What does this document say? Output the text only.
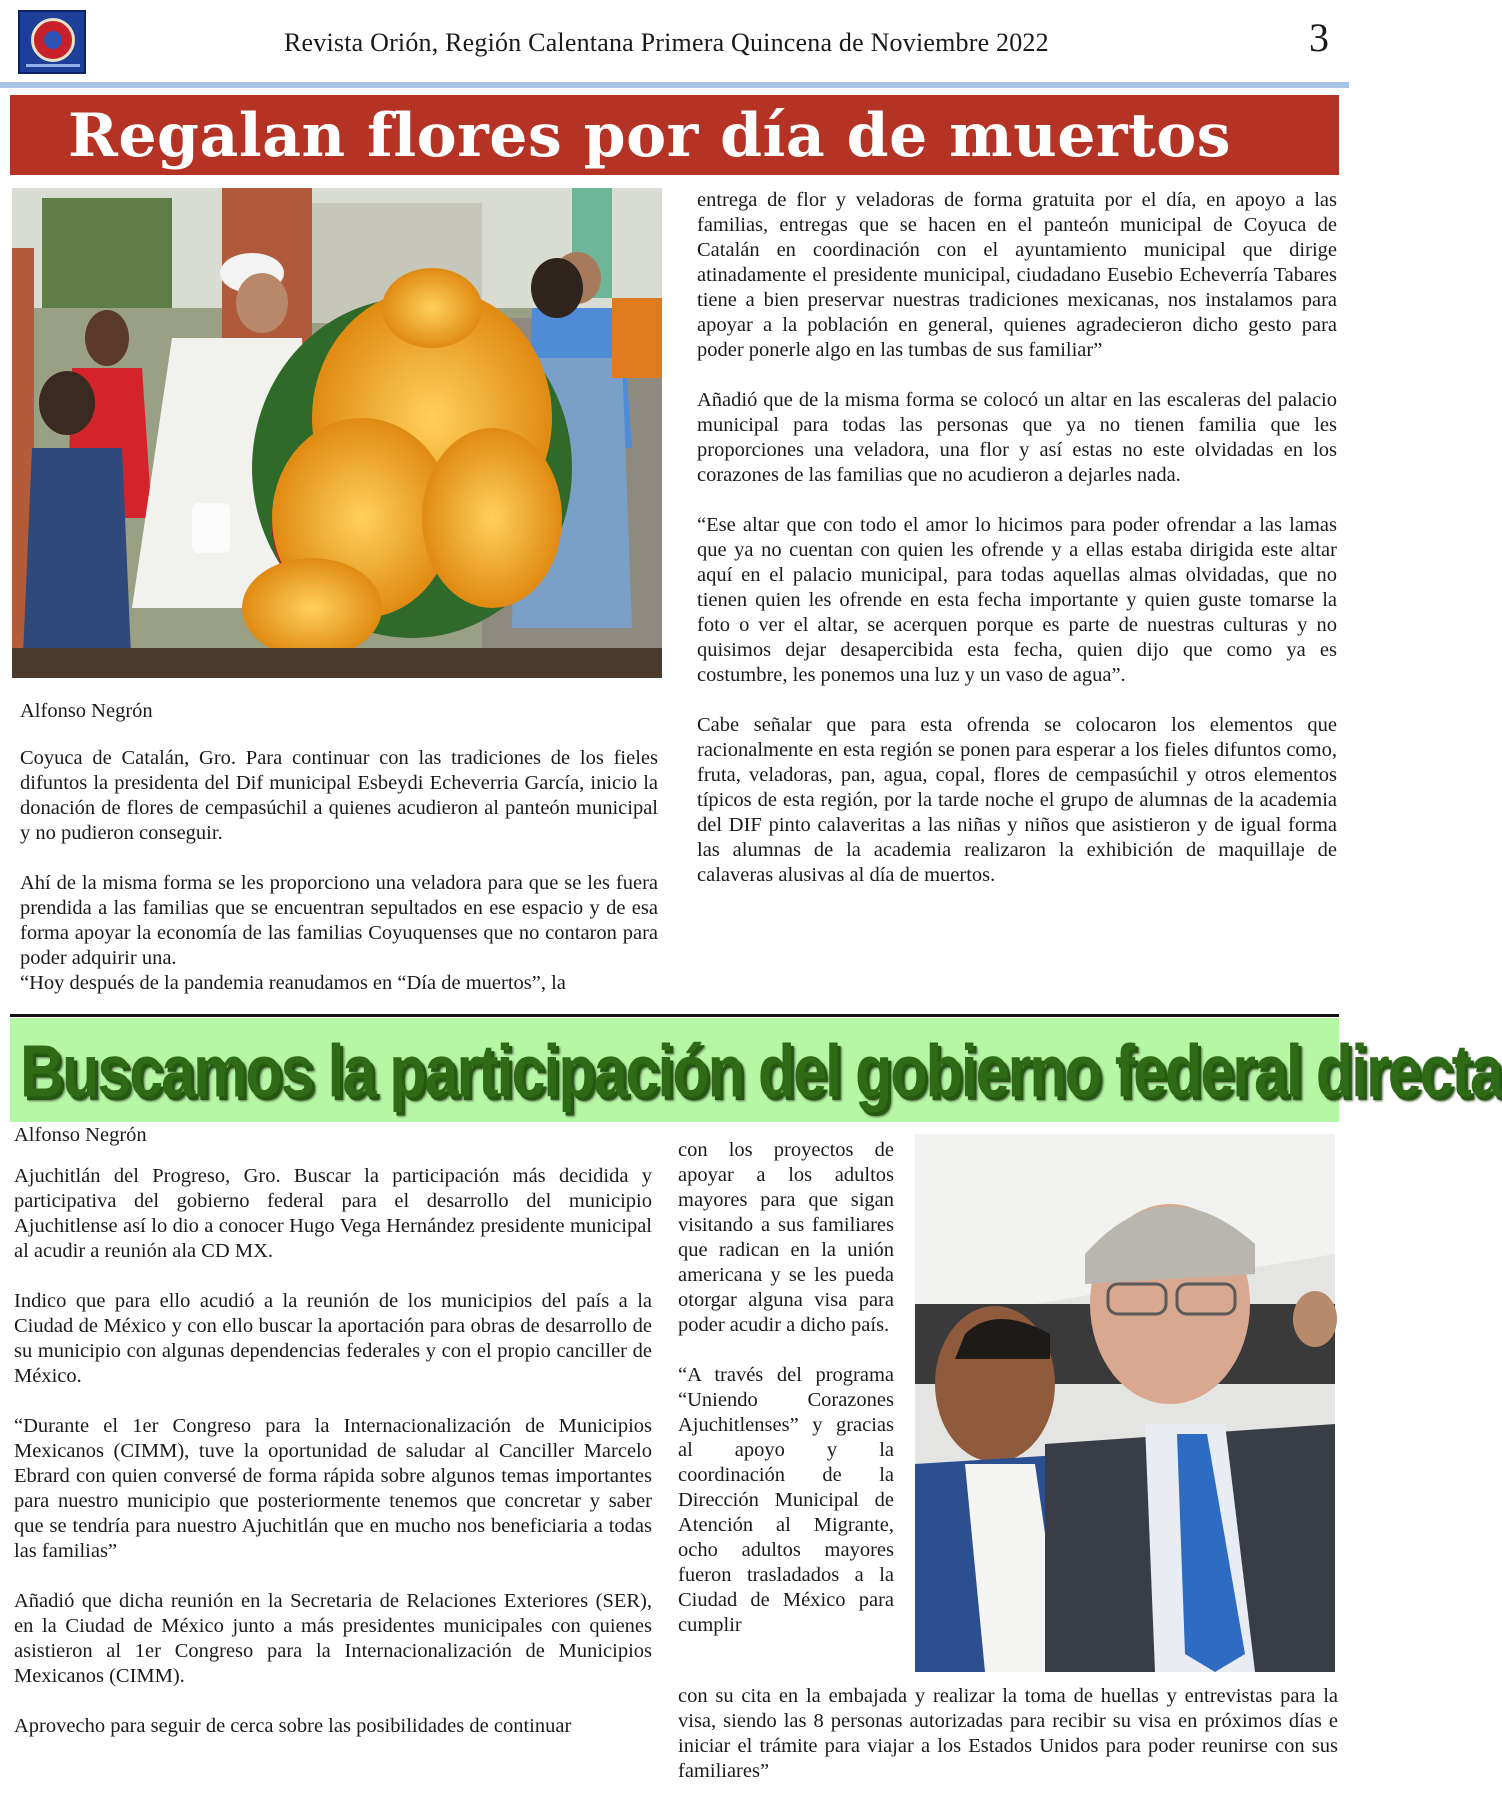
Revista Orión, Región Calentana Primera Quincena de Noviembre 2022	3
Regalan flores por día de muertos
Alfonso Negrón

Coyuca de Catalán, Gro. Para continuar con las tradiciones de los fieles difuntos la presidenta del Dif municipal Esbeydi Echeverria García, inicio la donación de flores de cempasúchil a quienes acudieron al panteón municipal y no pudieron conseguir.

Ahí de la misma forma se les proporciono una veladora para que se les fuera prendida a las familias que se encuentran sepultados en ese espacio y de esa forma apoyar la economía de las familias Coyuquenses que no contaron para poder adquirir una.

“Hoy después de la pandemia reanudamos en “Día de muertos”, la

entrega de flor y veladoras de forma gratuita por el día, en apoyo a las familias, entregas que se hacen en el panteón municipal de Coyuca de Catalán en coordinación con el ayuntamiento municipal que dirige atinadamente el presidente municipal, ciudadano Eusebio Echeverría Tabares tiene a bien preservar nuestras tradiciones mexicanas, nos instalamos para apoyar a la población en general, quienes agradecieron dicho gesto para poder ponerle algo en las tumbas de sus familiar”

Añadió que de la misma forma se colocó un altar en las escaleras del palacio municipal para todas las personas que ya no tienen familia que les proporciones una veladora, una flor y así estas no este olvidadas en los corazones de las familias que no acudieron a dejarles nada.

“Ese altar que con todo el amor lo hicimos para poder ofrendar a las lamas que ya no cuentan con quien les ofrende y a ellas estaba dirigida este altar aquí en el palacio municipal, para todas aquellas almas olvidadas, que no tienen quien les ofrende en esta fecha importante y quien guste tomarse la foto o ver el altar, se acerquen porque es parte de nuestras culturas y no quisimos dejar desapercibida esta fecha, quien dijo que como ya es costumbre, les ponemos una luz y un vaso de agua”.

Cabe señalar que para esta ofrenda se colocaron los elementos que racionalmente en esta región se ponen para esperar a los fieles difuntos como, fruta, veladoras, pan, agua, copal, flores de cempasúchil y otros elementos típicos de esta región, por la tarde noche el grupo de alumnas de la academia del DIF pinto calaveritas a las niñas y niños que asistieron y de igual forma las alumnas de la academia realizaron la exhibición de maquillaje de calaveras alusivas al día de muertos.

Buscamos la participación del gobierno federal directa
Alfonso Negrón

Ajuchitlán del Progreso, Gro. Buscar la participación más decidida y participativa del gobierno federal para el desarrollo del municipio Ajuchitlense así lo dio a conocer Hugo Vega Hernández presidente municipal al acudir a reunión ala CD MX.

Indico que para ello acudió a la reunión de los municipios del país a la Ciudad de México y con ello buscar la aportación para obras de desarrollo de su municipio con algunas dependencias federales y con el propio canciller de México.

“Durante el 1er Congreso para la Internacionalización de Municipios Mexicanos (CIMM), tuve la oportunidad de saludar al Canciller Marcelo Ebrard con quien conversé de forma rápida sobre algunos temas importantes para nuestro municipio que posteriormente tenemos que concretar y saber que se tendría para nuestro Ajuchitlán que en mucho nos beneficiaria a todas las familias”

Añadió que dicha reunión en la Secretaria de Relaciones Exteriores (SER), en la Ciudad de México junto a más presidentes municipales con quienes asistieron al 1er Congreso para la Internacionalización de Municipios Mexicanos (CIMM).

Aprovecho para seguir de cerca sobre las posibilidades de continuar

con los proyectos de apoyar a los adultos mayores para que sigan visitando a sus familiares que radican en la unión americana y se les pueda otorgar alguna visa para poder acudir a dicho país.

“A través del programa “Uniendo Corazones Ajuchitlenses” y gracias al apoyo y la coordinación de la Dirección Municipal de Atención al Migrante, ocho adultos mayores fueron trasladados a la Ciudad de México para cumplir

con su cita en la embajada y realizar la toma de huellas y entrevistas para la visa, siendo las 8 personas autorizadas para recibir su visa en próximos días e iniciar el trámite para viajar a los Estados Unidos para poder reunirse con sus familiares”
